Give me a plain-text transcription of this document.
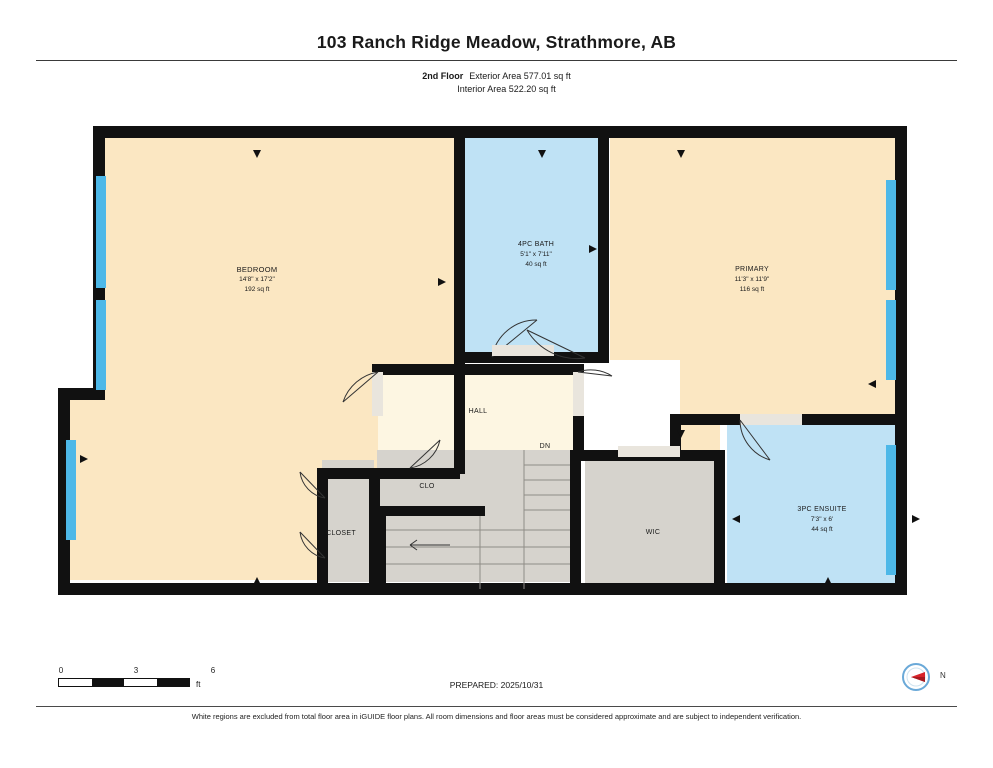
103 Ranch Ridge Meadow, Strathmore, AB
2nd Floor Exterior Area 577.01 sq ft
Interior Area 522.20 sq ft
BEDROOM
14'8" x 17'2"
192 sq ft
4PC BATH
5'1" x 7'11"
40 sq ft
PRIMARY
11'3" x 11'9"
116 sq ft
3PC ENSUITE
7'3" x 6'
44 sq ft
HALL
CLO
CLOSET	WIC
DN
0	3	6
ft	PREPARED: 2025/10/31
N
White regions are excluded from total floor area in iGUIDE floor plans. All room dimensions and floor areas must be considered approximate and are subject to independent verification.
